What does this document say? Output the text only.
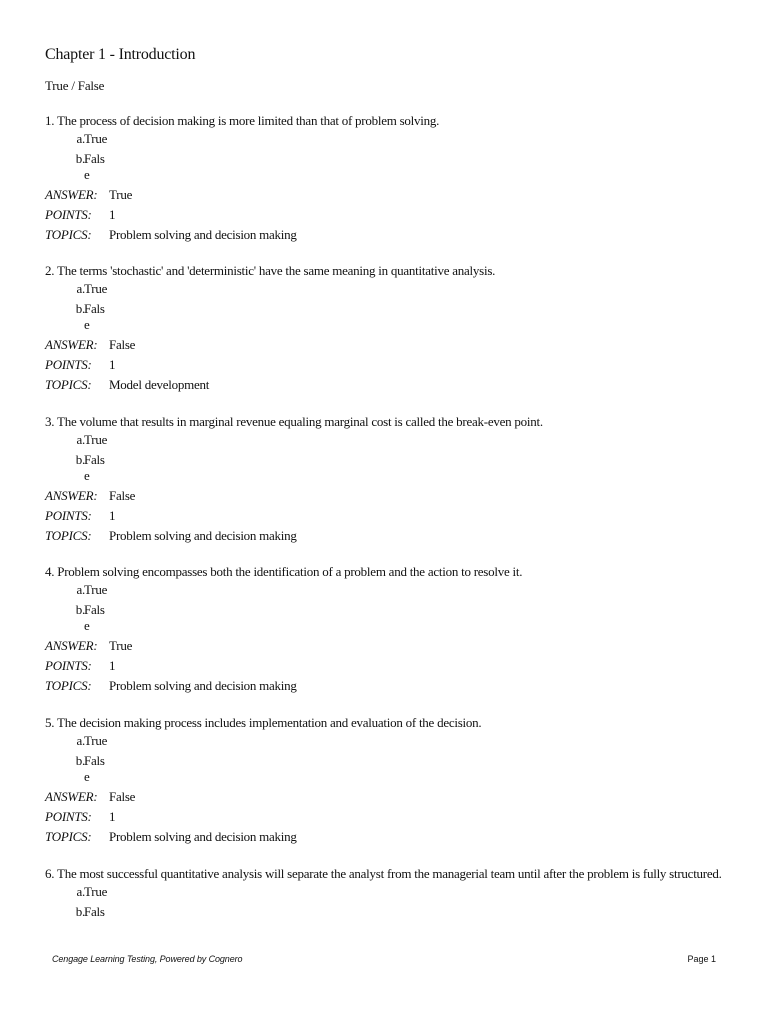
Chapter 1 - Introduction
True / False
1. The process of decision making is more limited than that of problem solving.
a. True
b. Fals
e
ANSWER: True
POINTS: 1
TOPICS: Problem solving and decision making
2. The terms 'stochastic' and 'deterministic' have the same meaning in quantitative analysis.
a. True
b. Fals
e
ANSWER: False
POINTS: 1
TOPICS: Model development
3. The volume that results in marginal revenue equaling marginal cost is called the break-even point.
a. True
b. Fals
e
ANSWER: False
POINTS: 1
TOPICS: Problem solving and decision making
4. Problem solving encompasses both the identification of a problem and the action to resolve it.
a. True
b. Fals
e
ANSWER: True
POINTS: 1
TOPICS: Problem solving and decision making
5. The decision making process includes implementation and evaluation of the decision.
a. True
b. Fals
e
ANSWER: False
POINTS: 1
TOPICS: Problem solving and decision making
6. The most successful quantitative analysis will separate the analyst from the managerial team until after the problem is fully structured.
a. True
b. Fals
Cengage Learning Testing, Powered by Cognero	Page 1
